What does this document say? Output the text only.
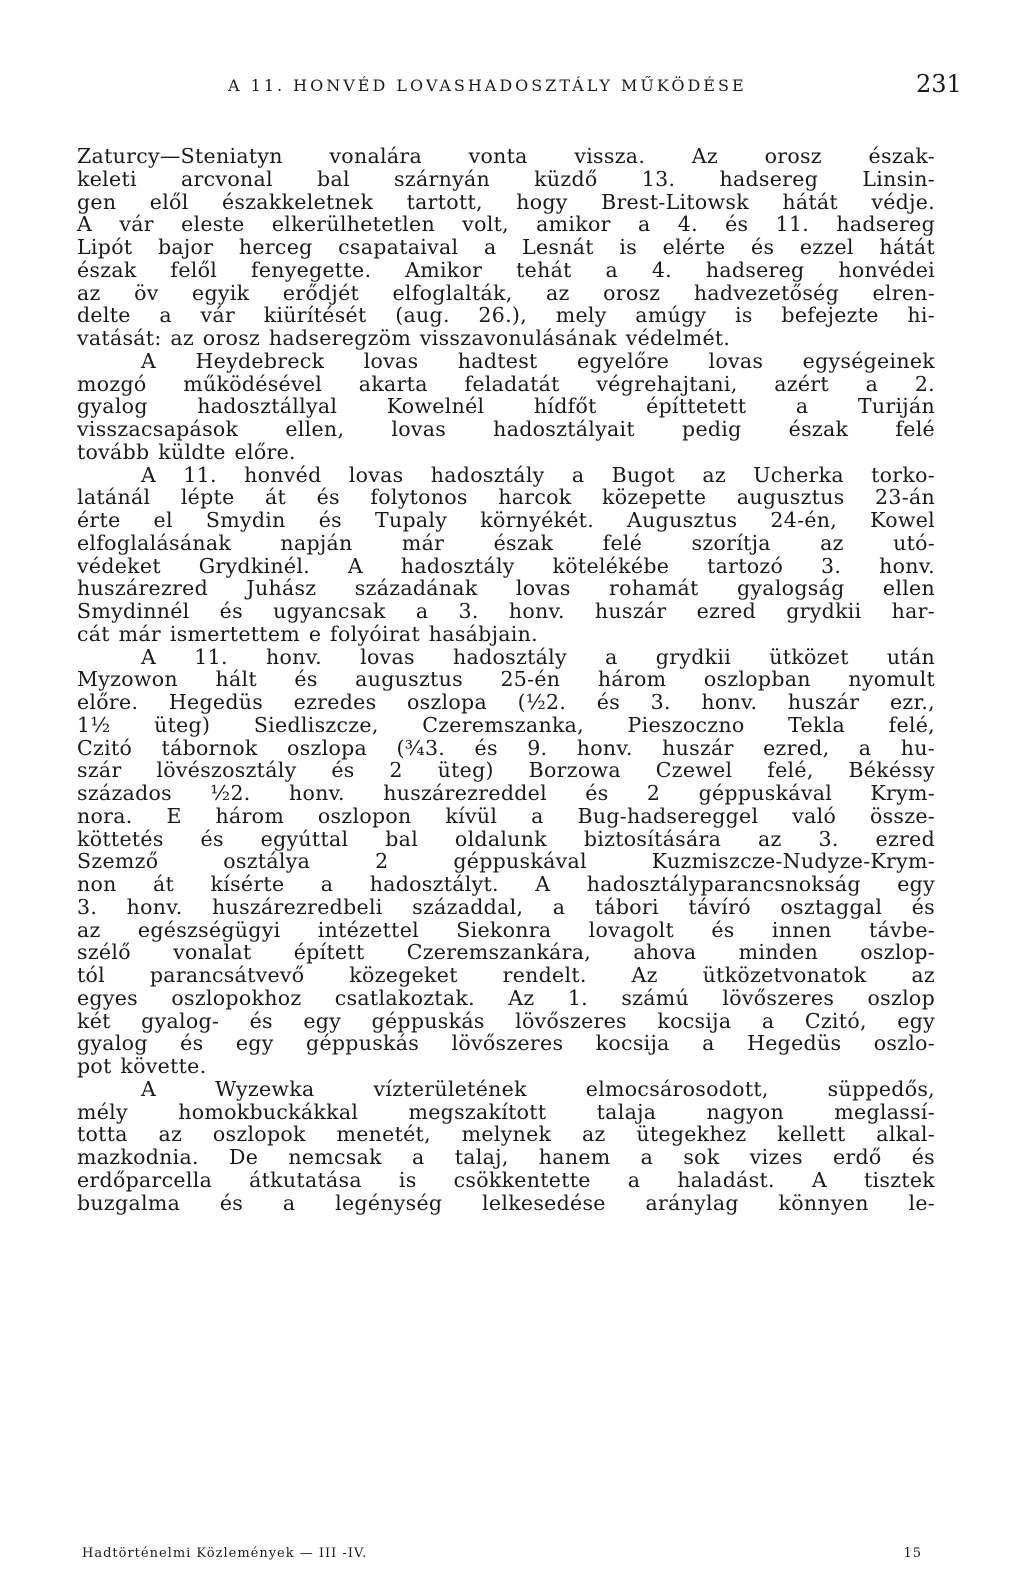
A 11. HONVÉD LOVASHADOSZTÁLY MŰKÖDÉSE	231
Zaturcy—Steniatyn vonalára vonta vissza. Az orosz észak-
keleti arcvonal bal szárnyán küzdő 13. hadsereg Linsin-
gen elől északkeletnek tartott, hogy Brest-Litowsk hátát védje.
A vár eleste elkerülhetetlen volt, amikor a 4. és 11. hadsereg
Lipót bajor herceg csapataival a Lesnát is elérte és ezzel hátát
észak felől fenyegette. Amikor tehát a 4. hadsereg honvédei
az öv egyik erődjét elfoglalták, az orosz hadvezetőség elren-
delte a vár kiürítését (aug. 26.), mely amúgy is befejezte hi-
vatását: az orosz hadseregzöm visszavonulásának védelmét.
A Heydebreck lovas hadtest egyelőre lovas egységeinek
mozgó működésével akarta feladatát végrehajtani, azért a 2.
gyalog hadosztállyal Kowelnél hídfőt építtetett a Turiján
visszacsapások ellen, lovas hadosztályait pedig észak felé
tovább küldte előre.
A 11. honvéd lovas hadosztály a Bugot az Ucherka torko-
latánál lépte át és folytonos harcok közepette augusztus 23-án
érte el Smydin és Tupaly környékét. Augusztus 24-én, Kowel
elfoglalásának napján már észak felé szorítja az utó-
védeket Grydkinél. A hadosztály kötelékébe tartozó 3. honv.
huszárezred Juhász századának lovas rohamát gyalogság ellen
Smydinnél és ugyancsak a 3. honv. huszár ezred grydkii har-
cát már ismertettem e folyóirat hasábjain.
A 11. honv. lovas hadosztály a grydkii ütközet után
Myzowon hált és augusztus 25-én három oszlopban nyomult
előre. Hegedüs ezredes oszlopa (½2. és 3. honv. huszár ezr.,
1½ üteg) Siedliszcze, Czeremszanka, Pieszoczno Tekla felé,
Czitó tábornok oszlopa (¾3. és 9. honv. huszár ezred, a hu-
szár lövészosztály és 2 üteg) Borzowa Czewel felé, Békéssy
százados ½2. honv. huszárezreddel és 2 géppuskával Krym-
nora. E három oszlopon kívül a Bug-hadsereggel való össze-
köttetés és egyúttal bal oldalunk biztosítására az 3. ezred
Szemző osztálya 2 géppuskával Kuzmiszcze-Nudyze-Krym-
non át kísérte a hadosztályt. A hadosztályparancsnokság egy
3. honv. huszárezredbeli századdal, a tábori távíró osztaggal és
az egészségügyi intézettel Siekonra lovagolt és innen távbe-
szélő vonalat épített Czeremszankára, ahova minden oszlop-
tól parancsátvevő közegeket rendelt. Az ütközetvonatok az
egyes oszlopokhoz csatlakoztak. Az 1. számú lövőszeres oszlop
két gyalog- és egy géppuskás lövőszeres kocsija a Czitó, egy
gyalog és egy géppuskás lövőszeres kocsija a Hegedüs oszlo-
pot követte.
A Wyzewka vízterületének elmocsárosodott, süppedős,
mély homokbuckákkal megszakított talaja nagyon meglassí-
totta az oszlopok menetét, melynek az ütegekhez kellett alkal-
mazkodnia. De nemcsak a talaj, hanem a sok vizes erdő és
erdőparcella átkutatása is csökkentette a haladást. A tisztek
buzgalma és a legénység lelkesedése aránylag könnyen le-
Hadtörténelmi Közlemények — III -IV.	15
